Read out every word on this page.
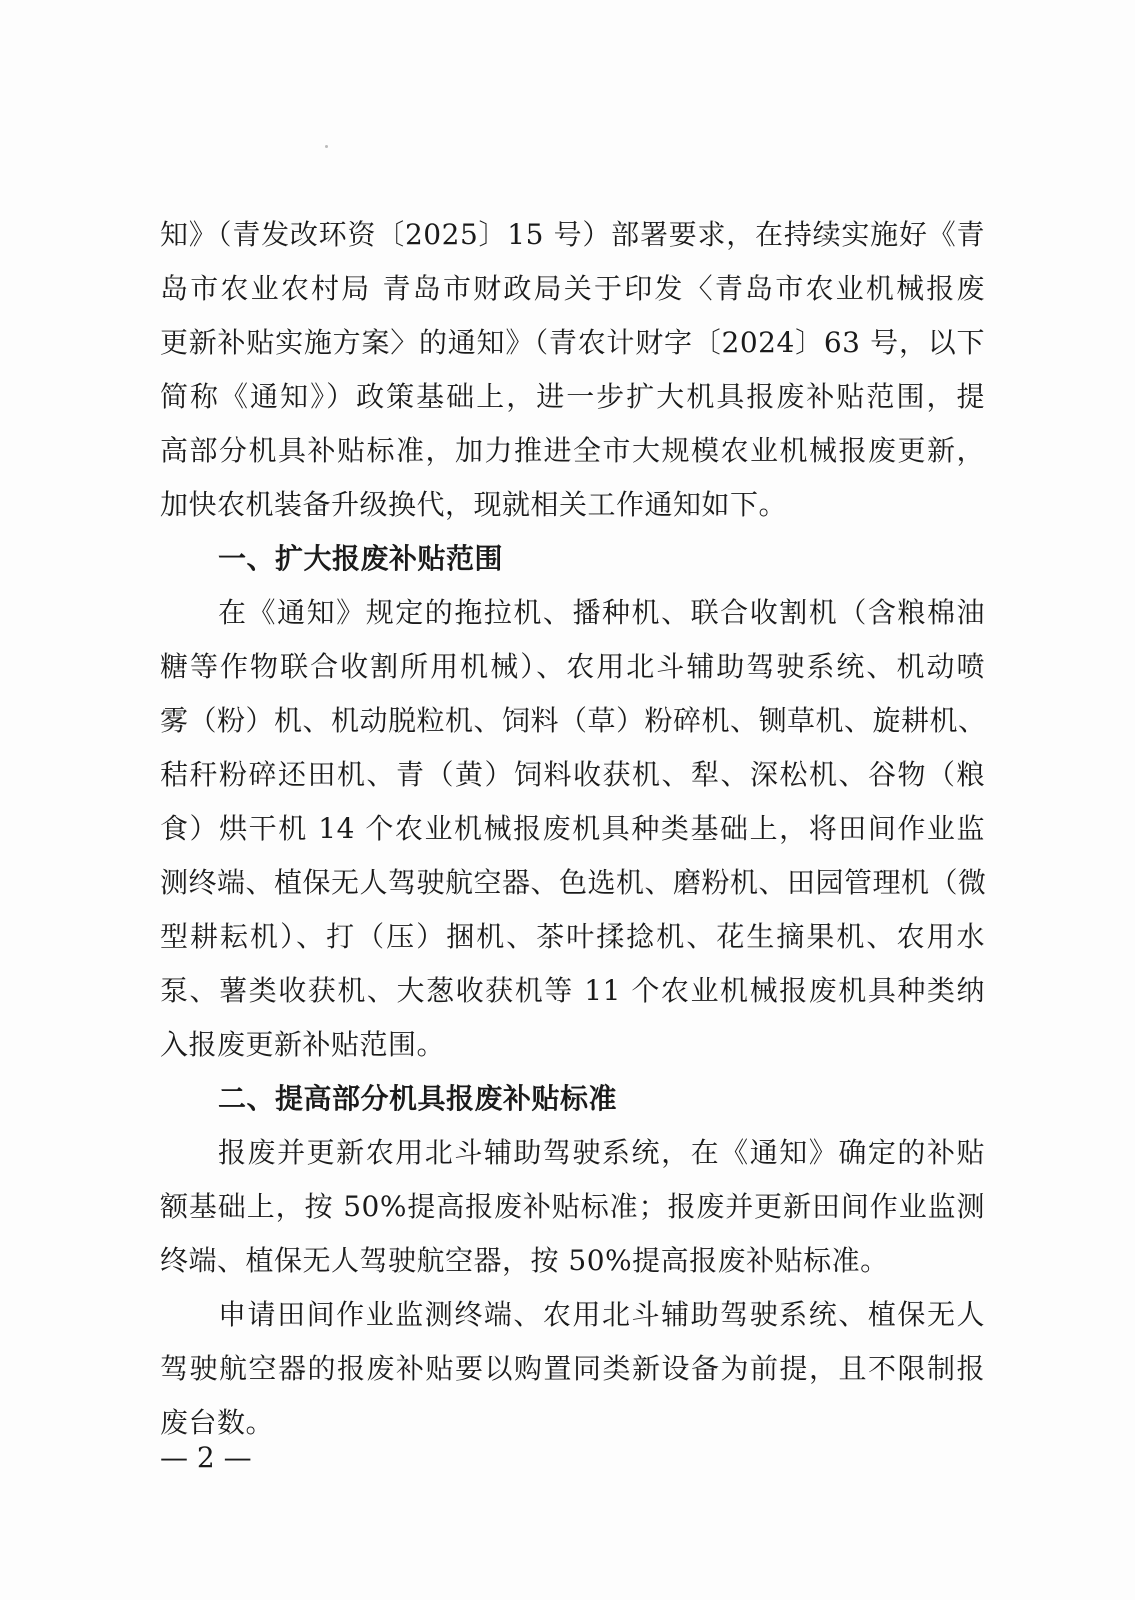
知》（青发改环资〔2025〕15 号）部署要求，在持续实施好《青
岛市农业农村局 青岛市财政局关于印发〈青岛市农业机械报废
更新补贴实施方案〉的通知》（青农计财字〔2024〕63 号，以下
简称《通知》）政策基础上，进一步扩大机具报废补贴范围，提
高部分机具补贴标准，加力推进全市大规模农业机械报废更新，
加快农机装备升级换代，现就相关工作通知如下。
一、扩大报废补贴范围
在《通知》规定的拖拉机、播种机、联合收割机（含粮棉油
糖等作物联合收割所用机械）、农用北斗辅助驾驶系统、机动喷
雾（粉）机、机动脱粒机、饲料（草）粉碎机、铡草机、旋耕机、
秸秆粉碎还田机、青（黄）饲料收获机、犁、深松机、谷物（粮
食）烘干机 14 个农业机械报废机具种类基础上，将田间作业监
测终端、植保无人驾驶航空器、色选机、磨粉机、田园管理机（微
型耕耘机）、打（压）捆机、茶叶揉捻机、花生摘果机、农用水
泵、薯类收获机、大葱收获机等 11 个农业机械报废机具种类纳
入报废更新补贴范围。
二、提高部分机具报废补贴标准
报废并更新农用北斗辅助驾驶系统，在《通知》确定的补贴
额基础上，按 50%提高报废补贴标准；报废并更新田间作业监测
终端、植保无人驾驶航空器，按 50%提高报废补贴标准。
申请田间作业监测终端、农用北斗辅助驾驶系统、植保无人
驾驶航空器的报废补贴要以购置同类新设备为前提，且不限制报
废台数。
— 2 —
